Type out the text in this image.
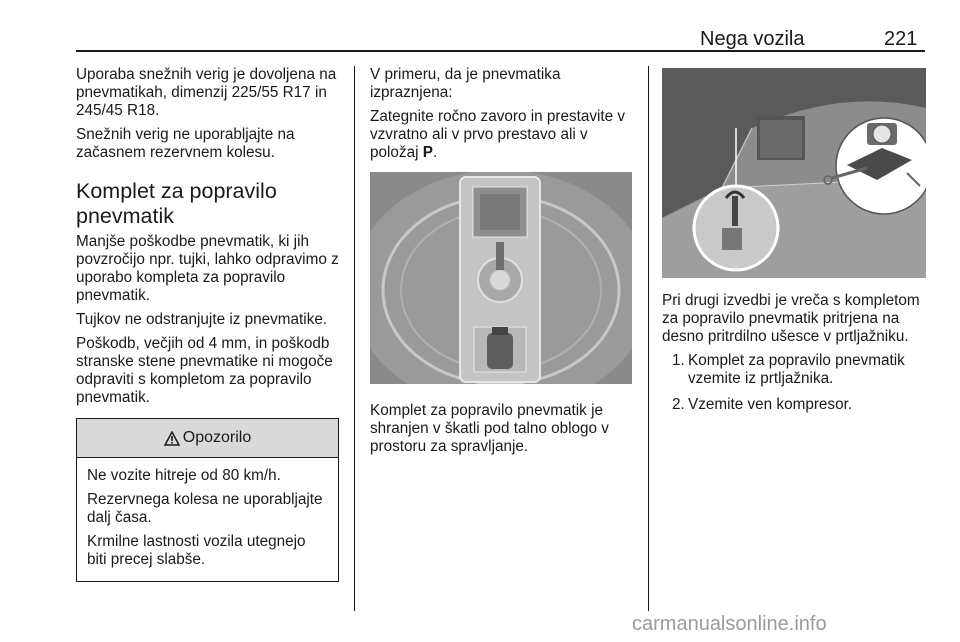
Nega vozila	221

Uporaba snežnih verig je dovoljena na pnevmatikah, dimenzij 225/55 R17 in 245/45 R18.

Snežnih verig ne uporabljajte na začasnem rezervnem kolesu.

Komplet za popravilo pnevmatik

Manjše poškodbe pnevmatik, ki jih povzročijo npr. tujki, lahko odpravimo z uporabo kompleta za popravilo pnevmatik.

Tujkov ne odstranjujte iz pnevmatike.

Poškodb, večjih od 4 mm, in poškodb stranske stene pnevmatike ni mogoče odpraviti s kompletom za popravilo pnevmatik.

Opozorilo

Ne vozite hitreje od 80 km/h.

Rezervnega kolesa ne uporabljajte dalj časa.

Krmilne lastnosti vozila utegnejo biti precej slabše.

V primeru, da je pnevmatika izpraznjena:

Zategnite ročno zavoro in prestavite v vzvratno ali v prvo prestavo ali v položaj P.

Komplet za popravilo pnevmatik je shranjen v škatli pod talno oblogo v prostoru za spravljanje.

Pri drugi izvedbi je vreča s kompletom za popravilo pnevmatik pritrjena na desno pritrdilno ušesce v prtljažniku.

1. Komplet za popravilo pnevmatik vzemite iz prtljažnika.
2. Vzemite ven kompresor.
carmanualsonline.info
